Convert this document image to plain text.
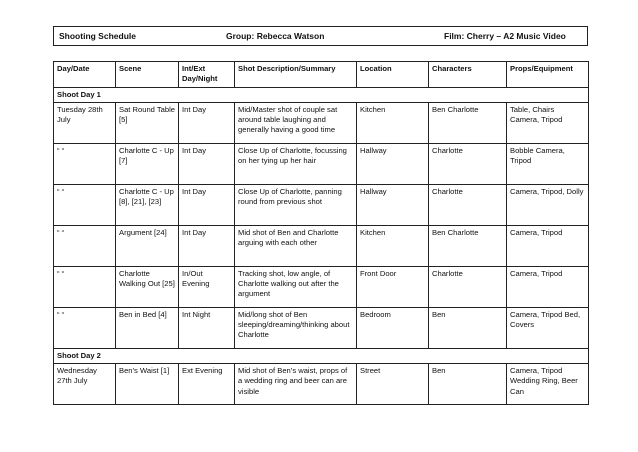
Shooting Schedule	Group: Rebecca Watson	Film: Cherry – A2 Music Video
Day/Date	Scene	Int/Ext Day/Night	Shot Description/Summary	Location	Characters	Props/Equipment
Shoot Day 1						
Tuesday 28th July	Sat Round Table [5]	Int Day	Mid/Master shot of couple sat around table laughing and generally having a good time	Kitchen	Ben Charlotte	Table, Chairs Camera, Tripod
“ “	Charlotte C - Up [7]	Int Day	Close Up of Charlotte, focussing on her tying up her hair	Hallway	Charlotte	Bobble Camera, Tripod
“ “	Charlotte C - Up [8], [21], [23]	Int Day	Close Up of Charlotte, panning round from previous shot	Hallway	Charlotte	Camera, Tripod, Dolly
“ “	Argument [24]	Int Day	Mid shot of Ben and Charlotte arguing with each other	Kitchen	Ben Charlotte	Camera, Tripod
“ “	Charlotte Walking Out [25]	In/Out Evening	Tracking shot, low angle, of Charlotte walking out after the argument	Front Door	Charlotte	Camera, Tripod
“ “	Ben in Bed [4]	Int Night	Mid/long shot of Ben sleeping/dreaming/thinking about Charlotte	Bedroom	Ben	Camera, Tripod Bed, Covers
Shoot Day 2						
Wednesday 27th July	Ben’s Waist [1]	Ext Evening	Mid shot of Ben’s waist, props of a wedding ring and beer can are visible	Street	Ben	Camera, Tripod Wedding Ring, Beer Can
